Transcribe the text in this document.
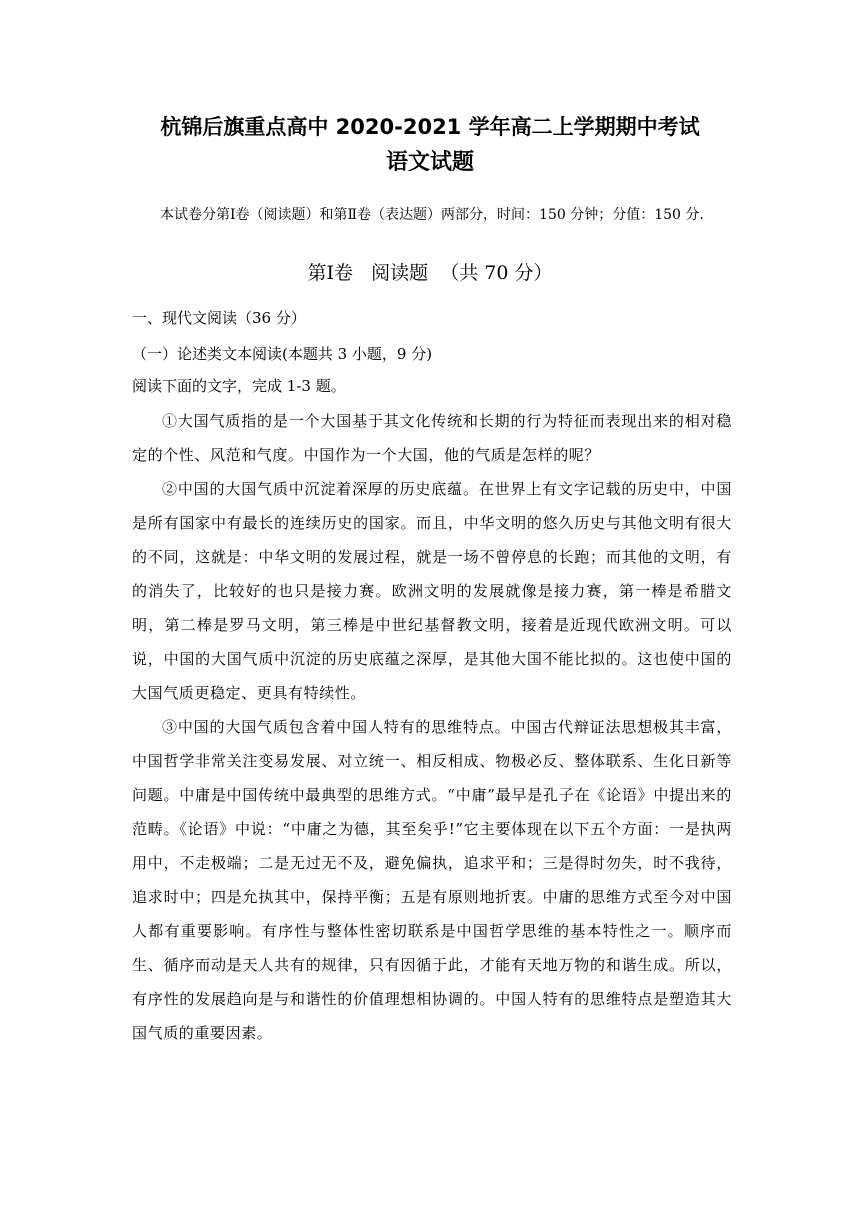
杭锦后旗重点高中 2020-2021 学年高二上学期期中考试
语文试题
本试卷分第Ⅰ卷（阅读题）和第Ⅱ卷（表达题）两部分，时间：150 分钟；分值：150 分.
第Ⅰ卷   阅读题  （共 70 分）
一、现代文阅读（36 分）
（一）论述类文本阅读(本题共 3 小题，9 分)
阅读下面的文字，完成 1-3 题。

①大国气质指的是一个大国基于其文化传统和长期的行为特征而表现出来的相对稳定的个性、风范和气度。中国作为一个大国，他的气质是怎样的呢？

②中国的大国气质中沉淀着深厚的历史底蕴。在世界上有文字记载的历史中，中国是所有国家中有最长的连续历史的国家。而且，中华文明的悠久历史与其他文明有很大的不同，这就是：中华文明的发展过程，就是一场不曾停息的长跑；而其他的文明，有的消失了，比较好的也只是接力赛。欧洲文明的发展就像是接力赛，第一棒是希腊文明，第二棒是罗马文明，第三棒是中世纪基督教文明，接着是近现代欧洲文明。可以说，中国的大国气质中沉淀的历史底蕴之深厚，是其他大国不能比拟的。这也使中国的大国气质更稳定、更具有特续性。

③中国的大国气质包含着中国人特有的思维特点。中国古代辩证法思想极其丰富，中国哲学非常关注变易发展、对立统一、相反相成、物极必反、整体联系、生化日新等问题。中庸是中国传统中最典型的思维方式。“中庸”最早是孔子在《论语》中提出来的范畴。《论语》中说：“中庸之为德，其至矣乎!”它主要体现在以下五个方面：一是执两用中，不走极端；二是无过无不及，避免偏执，追求平和；三是得时勿失，时不我待，追求时中；四是允执其中，保持平衡；五是有原则地折衷。中庸的思维方式至今对中国人都有重要影响。有序性与整体性密切联系是中国哲学思维的基本特性之一。顺序而生、循序而动是天人共有的规律，只有因循于此，才能有天地万物的和谐生成。所以，有序性的发展趋向是与和谐性的价值理想相协调的。中国人特有的思维特点是塑造其大国气质的重要因素。
